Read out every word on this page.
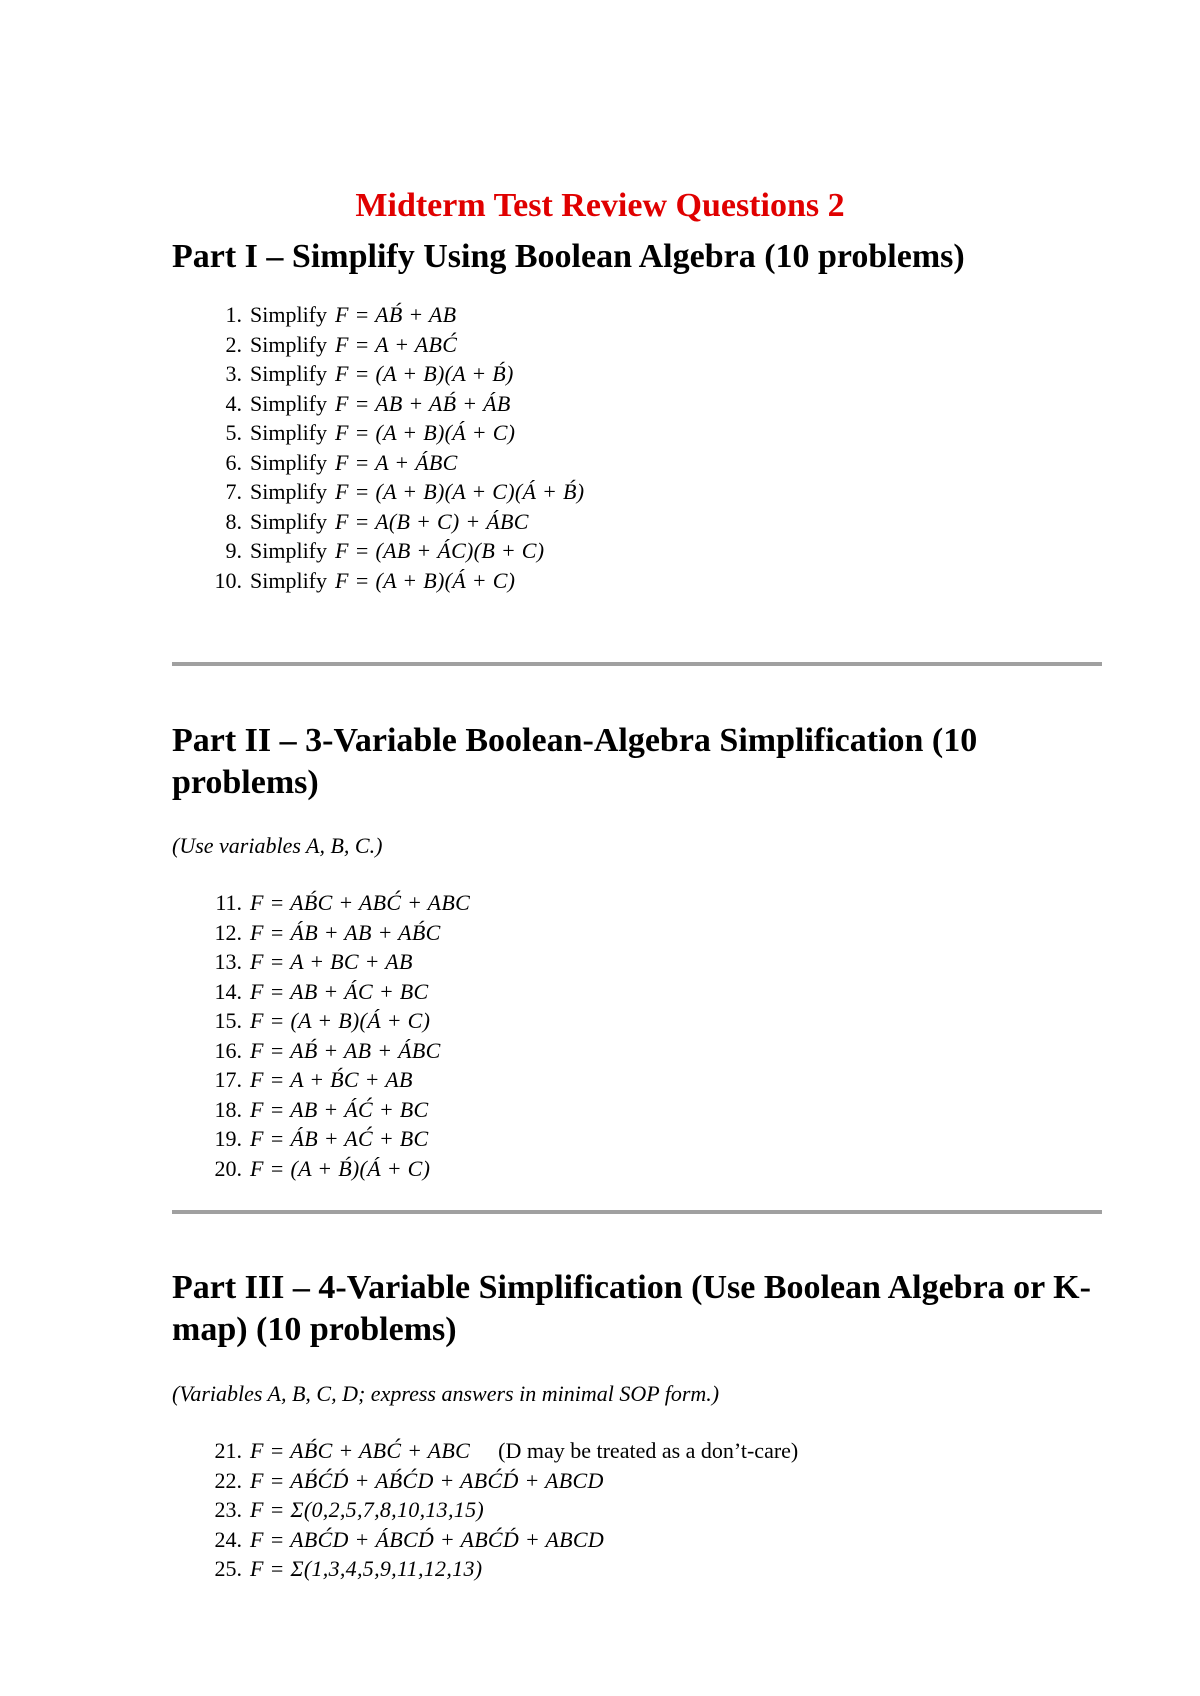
Midterm Test Review Questions 2
Part I – Simplify Using Boolean Algebra (10 problems)
1. Simplify F = AB́ + AB
2. Simplify F = A + ABĆ
3. Simplify F = (A + B)(A + B́)
4. Simplify F = AB + AB́ + ÁB
5. Simplify F = (A + B)(Á + C)
6. Simplify F = A + ÁBC
7. Simplify F = (A + B)(A + C)(Á + B́)
8. Simplify F = A(B + C) + ÁBC
9. Simplify F = (AB + ÁC)(B + C)
10. Simplify F = (A + B)(Á + C)
Part II – 3-Variable Boolean-Algebra Simplification (10 problems)
(Use variables A, B, C.)
11. F = AB́C + ABĆ + ABC
12. F = ÁB + AB + AB́C
13. F = A + BC + AB
14. F = AB + ÁC + BC
15. F = (A + B)(Á + C)
16. F = AB́ + AB + ÁBC
17. F = A + B́C + AB
18. F = AB + ÁĆ + BC
19. F = ÁB + AĆ + BC
20. F = (A + B́)(Á + C)
Part III – 4-Variable Simplification (Use Boolean Algebra or K-map) (10 problems)
(Variables A, B, C, D; express answers in minimal SOP form.)
21. F = AB́C + ABĆ + ABC (D may be treated as a don’t-care)
22. F = AB́ĆD́ + AB́ĆD + ABĆD́ + ABCD
23. F = Σ(0,2,5,7,8,10,13,15)
24. F = ABĆD + ÁBCD́ + ABĆD́ + ABCD
25. F = Σ(1,3,4,5,9,11,12,13)
